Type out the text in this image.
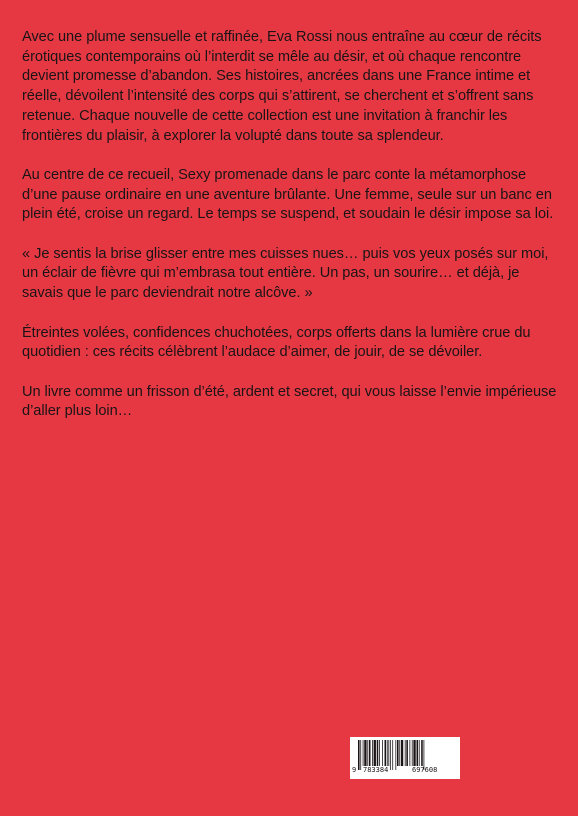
Avec une plume sensuelle et raffinée, Eva Rossi nous entraîne au cœur de récits érotiques contemporains où l’interdit se mêle au désir, et où chaque rencontre devient promesse d’abandon. Ses histoires, ancrées dans une France intime et réelle, dévoilent l’intensité des corps qui s’attirent, se cherchent et s’offrent sans retenue. Chaque nouvelle de cette collection est une invitation à franchir les frontières du plaisir, à explorer la volupté dans toute sa splendeur.

Au centre de ce recueil, Sexy promenade dans le parc conte la métamorphose d’une pause ordinaire en une aventure brûlante. Une femme, seule sur un banc en plein été, croise un regard. Le temps se suspend, et soudain le désir impose sa loi.

« Je sentis la brise glisser entre mes cuisses nues… puis vos yeux posés sur moi, un éclair de fièvre qui m’embrasa tout entière. Un pas, un sourire… et déjà, je savais que le parc deviendrait notre alcôve. »

Étreintes volées, confidences chuchotées, corps offerts dans la lumière crue du quotidien : ces récits célèbrent l’audace d’aimer, de jouir, de se dévoiler.

Un livre comme un frisson d’été, ardent et secret, qui vous laisse l’envie impérieuse d’aller plus loin…

9 783384	697608
